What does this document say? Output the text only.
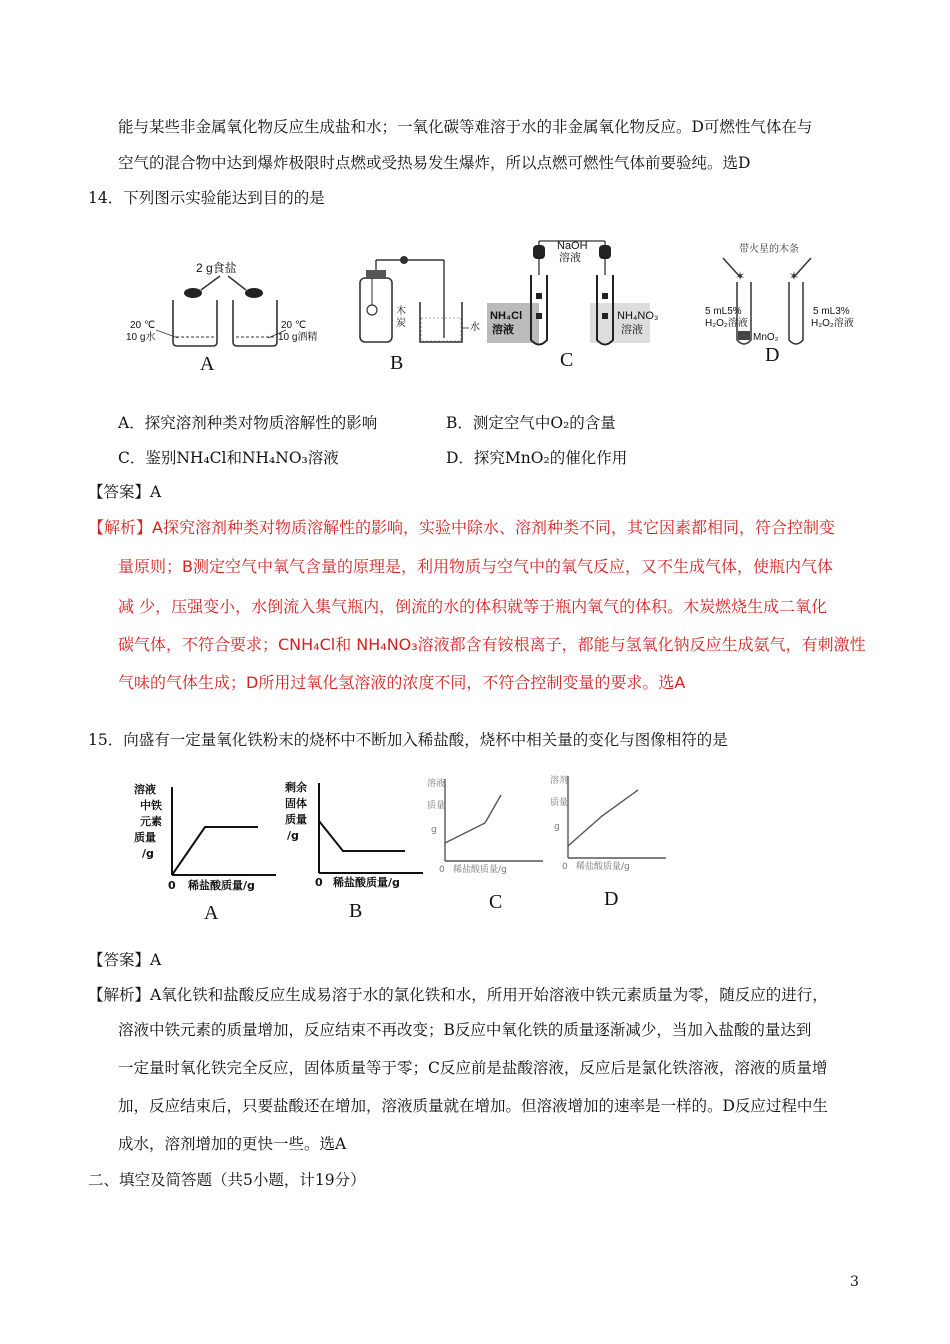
能与某些非金属氧化物反应生成盐和水；一氧化碳等难溶于水的非金属氧化物反应。D可燃性气体在与
空气的混合物中达到爆炸极限时点燃或受热易发生爆炸，所以点燃可燃性气体前要验纯。选D
14．下列图示实验能达到目的的是
2 g食盐
20 ℃
10 g水
20 ℃
10 g酒精
A
木
炭	水
B
NaOH
溶液
NH₄Cl
溶液
NH₄NO₃
溶液
C
✶	✶
带火星的木条
5 mL5%
H₂O₂溶液
MnO₂
5 mL3%
H₂O₂溶液
D
A．探究溶剂种类对物质溶解性的影响	B．测定空气中O₂的含量
C．鉴别NH₄Cl和NH₄NO₃溶液	D．探究MnO₂的催化作用
【答案】A
【解析】A探究溶剂种类对物质溶解性的影响，实验中除水、溶剂种类不同，其它因素都相同，符合控制变
量原则；B测定空气中氧气含量的原理是，利用物质与空气中的氧气反应，又不生成气体，使瓶内气体
减 少，压强变小，水倒流入集气瓶内，倒流的水的体积就等于瓶内氧气的体积。木炭燃烧生成二氧化
碳气体，不符合要求；CNH₄Cl和 NH₄NO₃溶液都含有铵根离子，都能与氢氧化钠反应生成氨气，有刺激性
气味的气体生成；D所用过氧化氢溶液的浓度不同，不符合控制变量的要求。选A
15．向盛有一定量氧化铁粉末的烧杯中不断加入稀盐酸，烧杯中相关量的变化与图像相符的是
溶液
中铁
元素
质量
/g
0 稀盐酸质量/g
A
剩余
固体
质量
/g
0 稀盐酸质量/g
B
溶液
质量
g
0 稀盐酸质量/g
C
溶剂
质量
g
0 稀盐酸质量/g
D
【答案】A
【解析】A氧化铁和盐酸反应生成易溶于水的氯化铁和水，所用开始溶液中铁元素质量为零，随反应的进行，
溶液中铁元素的质量增加，反应结束不再改变；B反应中氧化铁的质量逐渐减少，当加入盐酸的量达到
一定量时氧化铁完全反应，固体质量等于零；C反应前是盐酸溶液，反应后是氯化铁溶液，溶液的质量增
加，反应结束后，只要盐酸还在增加，溶液质量就在增加。但溶液增加的速率是一样的。D反应过程中生
成水，溶剂增加的更快一些。选A
二、填空及简答题（共5小题，计19分）
3
